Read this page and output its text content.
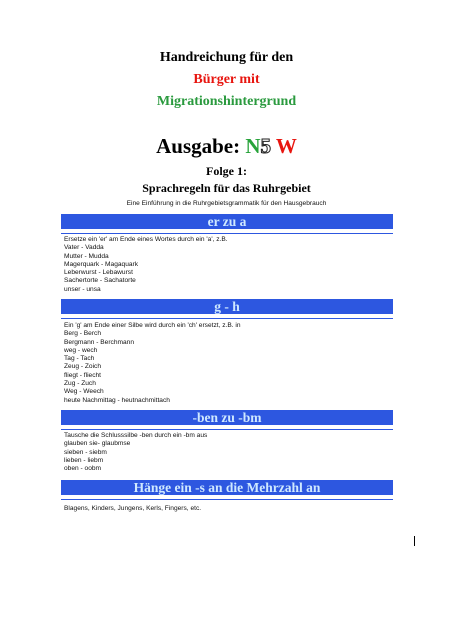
Handreichung für den
Bürger mit
Migrationshintergrund
Ausgabe: N5 W
Folge 1:
Sprachregeln für das Ruhrgebiet
Eine Einführung in die Ruhrgebietsgrammatik für den Hausgebrauch
er zu a
Ersetze ein 'er' am Ende eines Wortes durch ein 'a', z.B.
Vater - Vadda
Mutter - Mudda
Magerquark - Magaquark
Leberwurst - Lebawurst
Sachertorte - Sachatorte
unser - unsa
g - h
Ein 'g' am Ende einer Silbe wird durch ein 'ch' ersetzt, z.B. in
Berg - Berch
Bergmann - Berchmann
weg - wech
Tag - Tach
Zeug - Zoich
fliegt - fliecht
Zug - Zuch
Weg - Weech
heute Nachmittag - heutnachmittach
-ben zu -bm
Tausche die Schlusssilbe -ben durch ein -bm aus
glauben sie- glaubmse
sieben - siebm
lieben - liebm
oben - oobm
Hänge ein -s an die Mehrzahl an
Blagens, Kinders, Jungens, Kerls, Fingers, etc.
